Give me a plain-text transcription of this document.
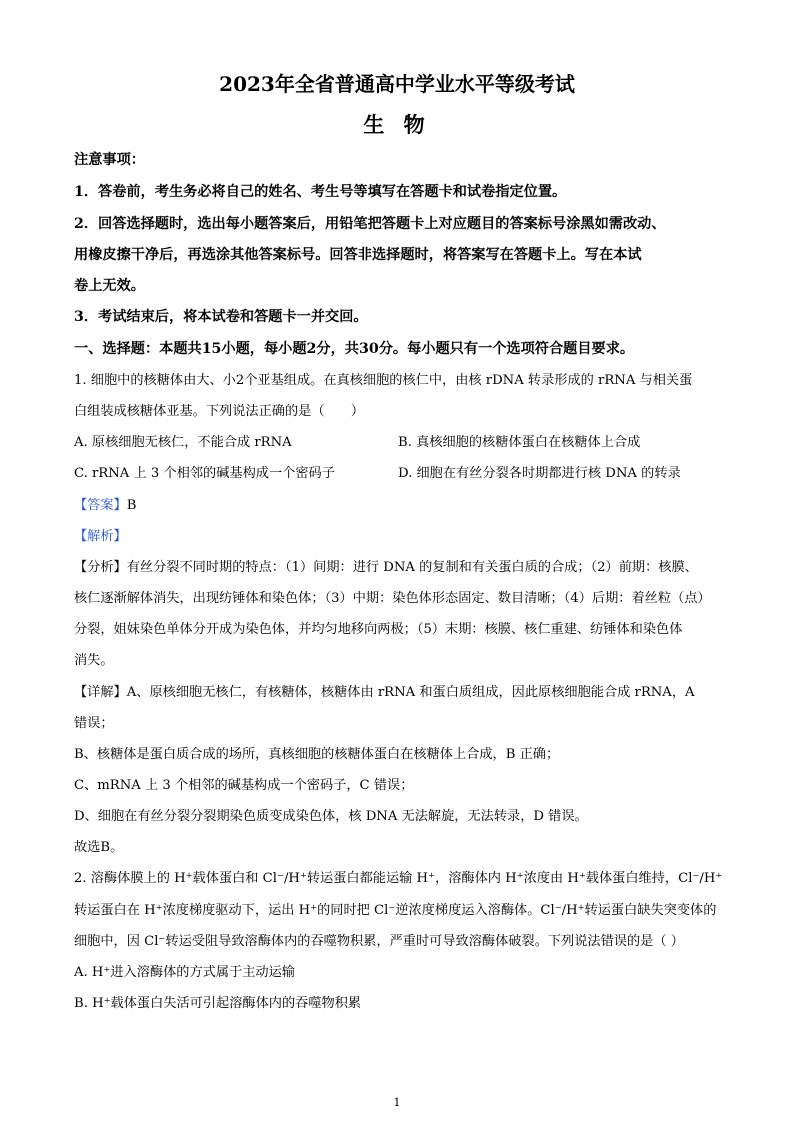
2023年全省普通高中学业水平等级考试
生 物
注意事项：
1．答卷前，考生务必将自己的姓名、考生号等填写在答题卡和试卷指定位置。
2．回答选择题时，选出每小题答案后，用铅笔把答题卡上对应题目的答案标号涂黑如需改动、
用橡皮擦干净后，再选涂其他答案标号。回答非选择题时，将答案写在答题卡上。写在本试
卷上无效。
3．考试结束后，将本试卷和答题卡一并交回。
一、选择题：本题共15小题，每小题2分，共30分。每小题只有一个选项符合题目要求。
1. 细胞中的核糖体由大、小2个亚基组成。在真核细胞的核仁中，由核 rDNA 转录形成的 rRNA 与相关蛋
白组装成核糖体亚基。下列说法正确的是（　　）
A. 原核细胞无核仁，不能合成 rRNA	B. 真核细胞的核糖体蛋白在核糖体上合成
C. rRNA 上 3 个相邻的碱基构成一个密码子	D. 细胞在有丝分裂各时期都进行核 DNA 的转录
【答案】B
【解析】
【分析】有丝分裂不同时期的特点：（1）间期：进行 DNA 的复制和有关蛋白质的合成；（2）前期：核膜、
核仁逐渐解体消失，出现纺锤体和染色体；（3）中期：染色体形态固定、数目清晰；（4）后期：着丝粒（点）
分裂，姐妹染色单体分开成为染色体，并均匀地移向两极；（5）末期：核膜、核仁重建、纺锤体和染色体
消失。
【详解】A、原核细胞无核仁，有核糖体，核糖体由 rRNA 和蛋白质组成，因此原核细胞能合成 rRNA，A
错误；
B、核糖体是蛋白质合成的场所，真核细胞的核糖体蛋白在核糖体上合成，B 正确；
C、mRNA 上 3 个相邻的碱基构成一个密码子，C 错误；
D、细胞在有丝分裂分裂期染色质变成染色体，核 DNA 无法解旋，无法转录，D 错误。
故选B。
2. 溶酶体膜上的 H⁺载体蛋白和 Cl⁻/H⁺转运蛋白都能运输 H⁺，溶酶体内 H⁺浓度由 H⁺载体蛋白维持，Cl⁻/H⁺
转运蛋白在 H⁺浓度梯度驱动下，运出 H⁺的同时把 Cl⁻逆浓度梯度运入溶酶体。Cl⁻/H⁺转运蛋白缺失突变体的
细胞中，因 Cl⁻转运受阻导致溶酶体内的吞噬物积累，严重时可导致溶酶体破裂。下列说法错误的是（ ）
A. H⁺进入溶酶体的方式属于主动运输
B. H⁺载体蛋白失活可引起溶酶体内的吞噬物积累
1
